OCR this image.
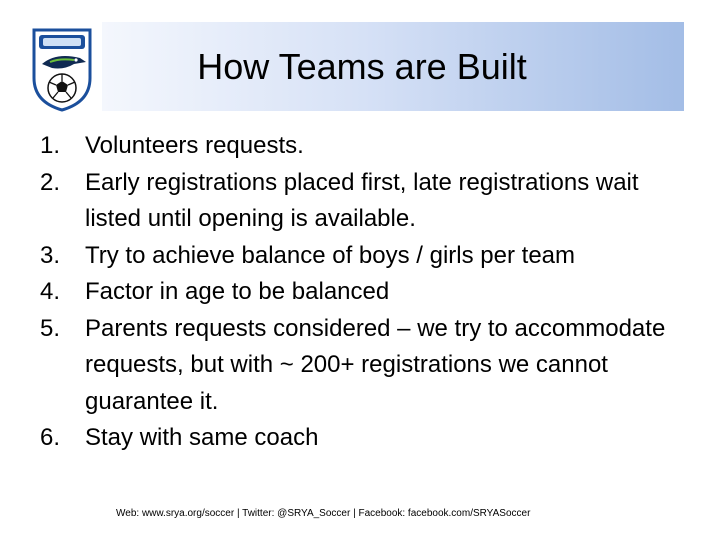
How Teams are Built
1.	Volunteers requests.
2.	Early registrations placed first, late registrations wait listed until opening is available.
3.	Try to achieve balance of boys / girls per team
4.	Factor in age to be balanced
5.	Parents requests considered – we try to accommodate requests, but with ~ 200+ registrations we cannot guarantee it.
6.	Stay with same coach
Web: www.srya.org/soccer | Twitter: @SRYA_Soccer | Facebook: facebook.com/SRYASoccer
